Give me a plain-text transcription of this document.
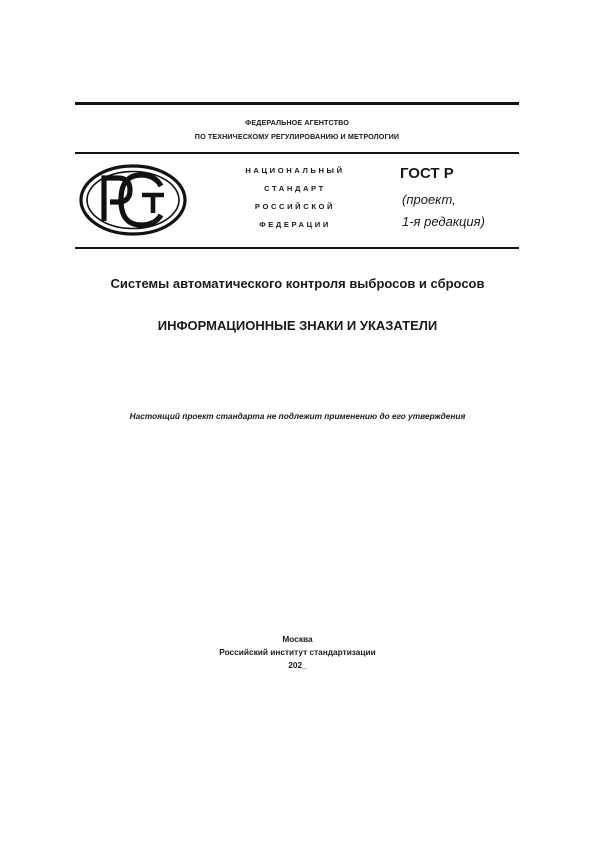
ФЕДЕРАЛЬНОЕ АГЕНТСТВО
ПО ТЕХНИЧЕСКОМУ РЕГУЛИРОВАНИЮ И МЕТРОЛОГИИ
НАЦИОНАЛЬНЫЙ
СТАНДАРТ
РОССИЙСКОЙ
ФЕДЕРАЦИИ
ГОСТ Р
(проект,
1-я редакция)
Системы автоматического контроля выбросов и сбросов
ИНФОРМАЦИОННЫЕ ЗНАКИ И УКАЗАТЕЛИ
Настоящий проект стандарта не подлежит применению до его утверждения
Москва
Российский институт стандартизации
202_
